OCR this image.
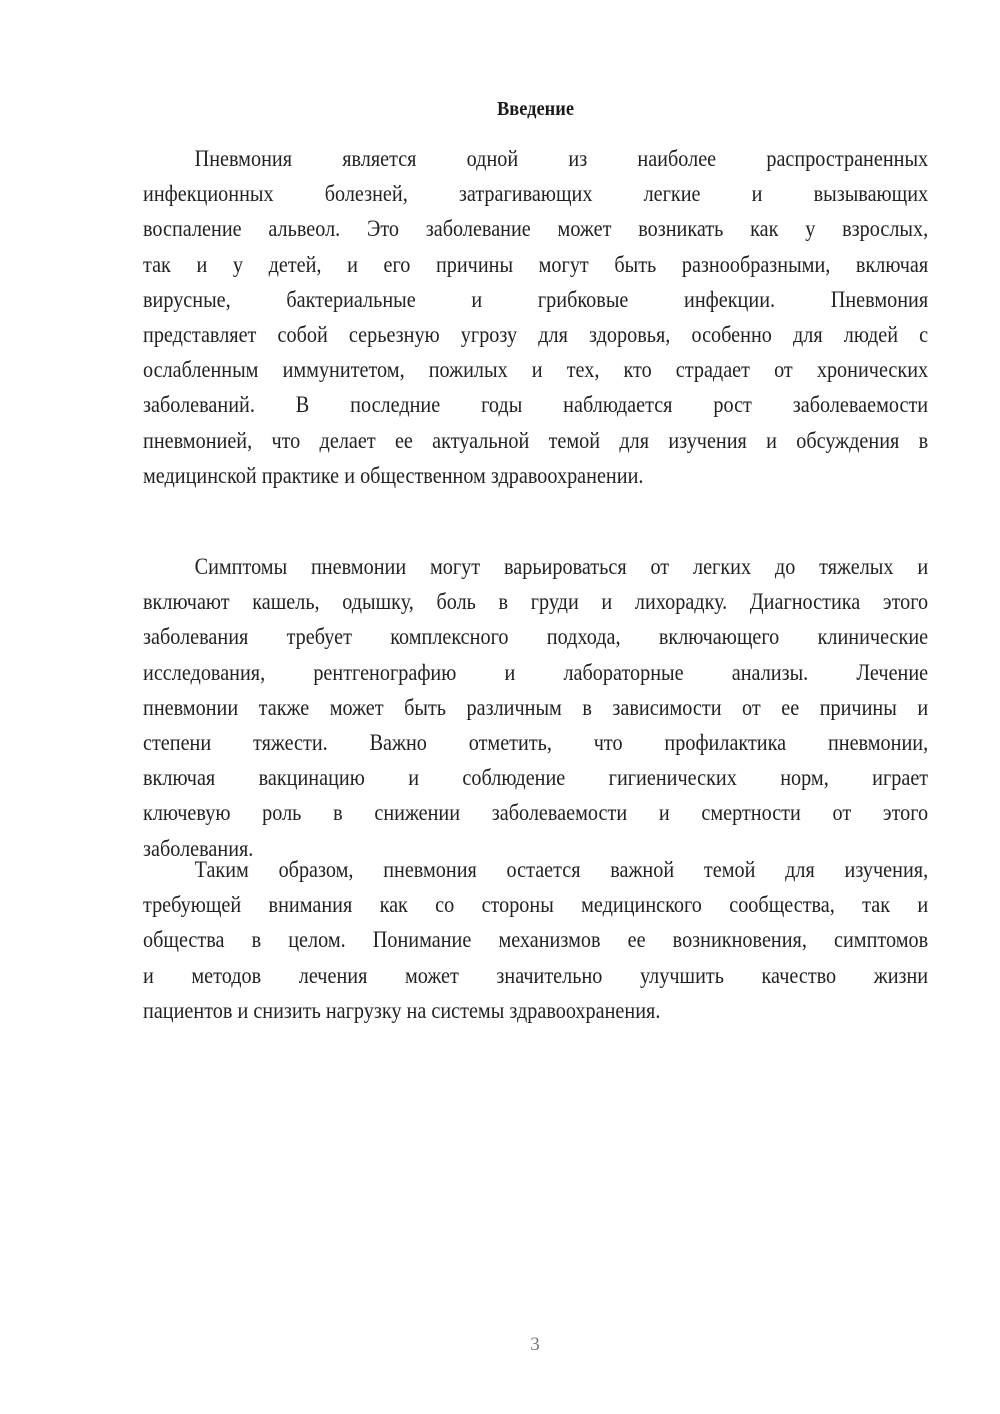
Введение
Пневмония является одной из наиболее распространенных
инфекционных болезней, затрагивающих легкие и вызывающих
воспаление альвеол. Это заболевание может возникать как у взрослых,
так и у детей, и его причины могут быть разнообразными, включая
вирусные, бактериальные и грибковые инфекции. Пневмония
представляет собой серьезную угрозу для здоровья, особенно для людей с
ослабленным иммунитетом, пожилых и тех, кто страдает от хронических
заболеваний. В последние годы наблюдается рост заболеваемости
пневмонией, что делает ее актуальной темой для изучения и обсуждения в
медицинской практике и общественном здравоохранении.
Симптомы пневмонии могут варьироваться от легких до тяжелых и
включают кашель, одышку, боль в груди и лихорадку. Диагностика этого
заболевания требует комплексного подхода, включающего клинические
исследования, рентгенографию и лабораторные анализы. Лечение
пневмонии также может быть различным в зависимости от ее причины и
степени тяжести. Важно отметить, что профилактика пневмонии,
включая вакцинацию и соблюдение гигиенических норм, играет
ключевую роль в снижении заболеваемости и смертности от этого
заболевания.
Таким образом, пневмония остается важной темой для изучения,
требующей внимания как со стороны медицинского сообщества, так и
общества в целом. Понимание механизмов ее возникновения, симптомов
и методов лечения может значительно улучшить качество жизни
пациентов и снизить нагрузку на системы здравоохранения.
3
